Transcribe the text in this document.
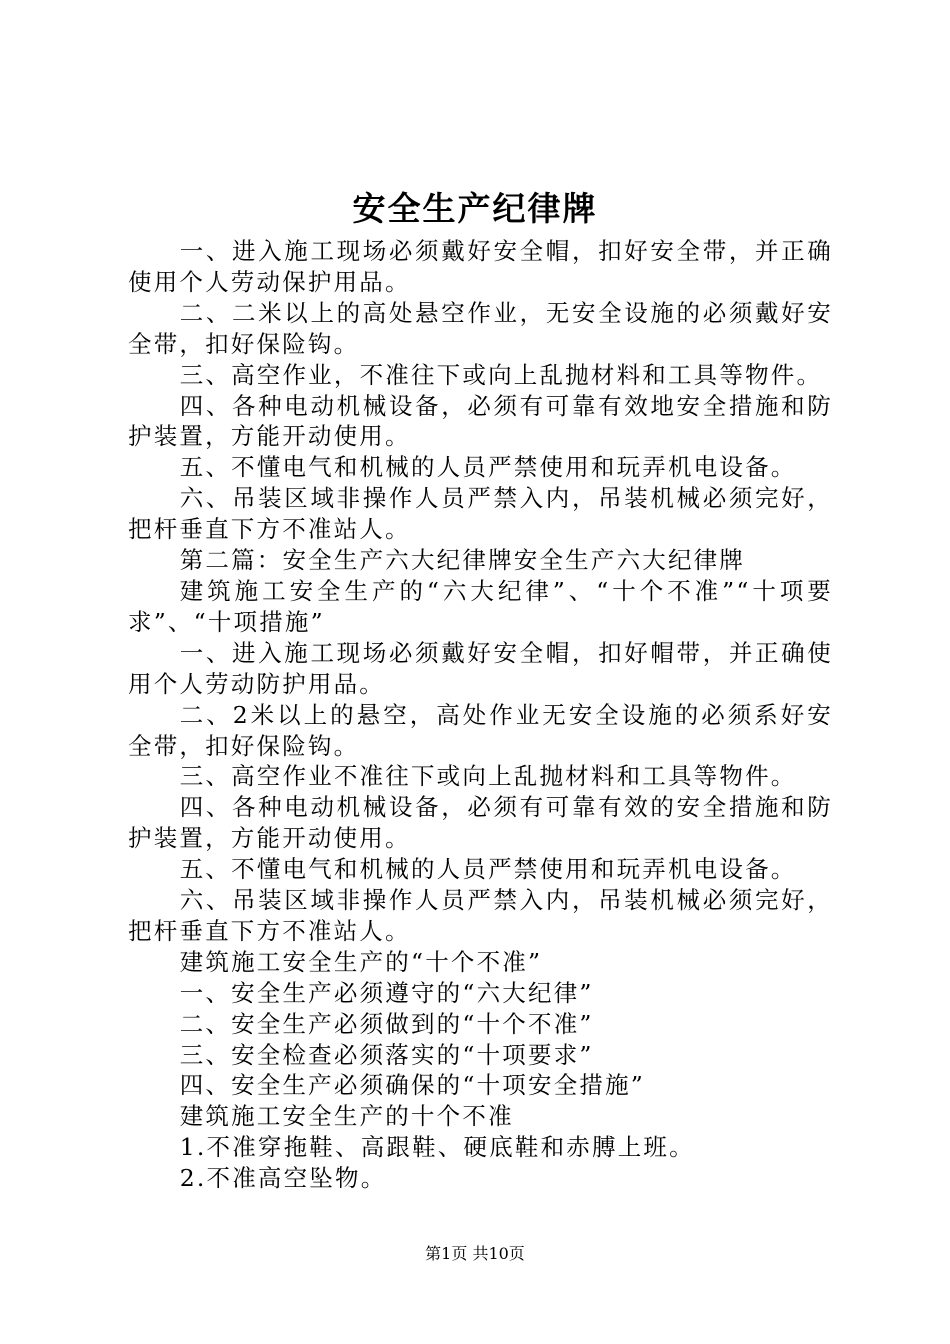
安全生产纪律牌

一、进入施工现场必须戴好安全帽，扣好安全带，并正确使用个人劳动保护用品。

二、二米以上的高处悬空作业，无安全设施的必须戴好安全带，扣好保险钩。

三、高空作业，不准往下或向上乱抛材料和工具等物件。

四、各种电动机械设备，必须有可靠有效地安全措施和防护装置，方能开动使用。

五、不懂电气和机械的人员严禁使用和玩弄机电设备。

六、吊装区域非操作人员严禁入内，吊装机械必须完好，把杆垂直下方不准站人。

第二篇：安全生产六大纪律牌安全生产六大纪律牌

建筑施工安全生产的“六大纪律”、“十个不准”“十项要求”、“十项措施”

一、进入施工现场必须戴好安全帽，扣好帽带，并正确使用个人劳动防护用品。

二、2米以上的悬空，高处作业无安全设施的必须系好安全带，扣好保险钩。

三、高空作业不准往下或向上乱抛材料和工具等物件。

四、各种电动机械设备，必须有可靠有效的安全措施和防护装置，方能开动使用。

五、不懂电气和机械的人员严禁使用和玩弄机电设备。

六、吊装区域非操作人员严禁入内，吊装机械必须完好，把杆垂直下方不准站人。

建筑施工安全生产的“十个不准”

一、安全生产必须遵守的“六大纪律”

二、安全生产必须做到的“十个不准”

三、安全检查必须落实的“十项要求”

四、安全生产必须确保的“十项安全措施”

建筑施工安全生产的十个不准

1.不准穿拖鞋、高跟鞋、硬底鞋和赤膊上班。

2.不准高空坠物。

第1页 共10页
